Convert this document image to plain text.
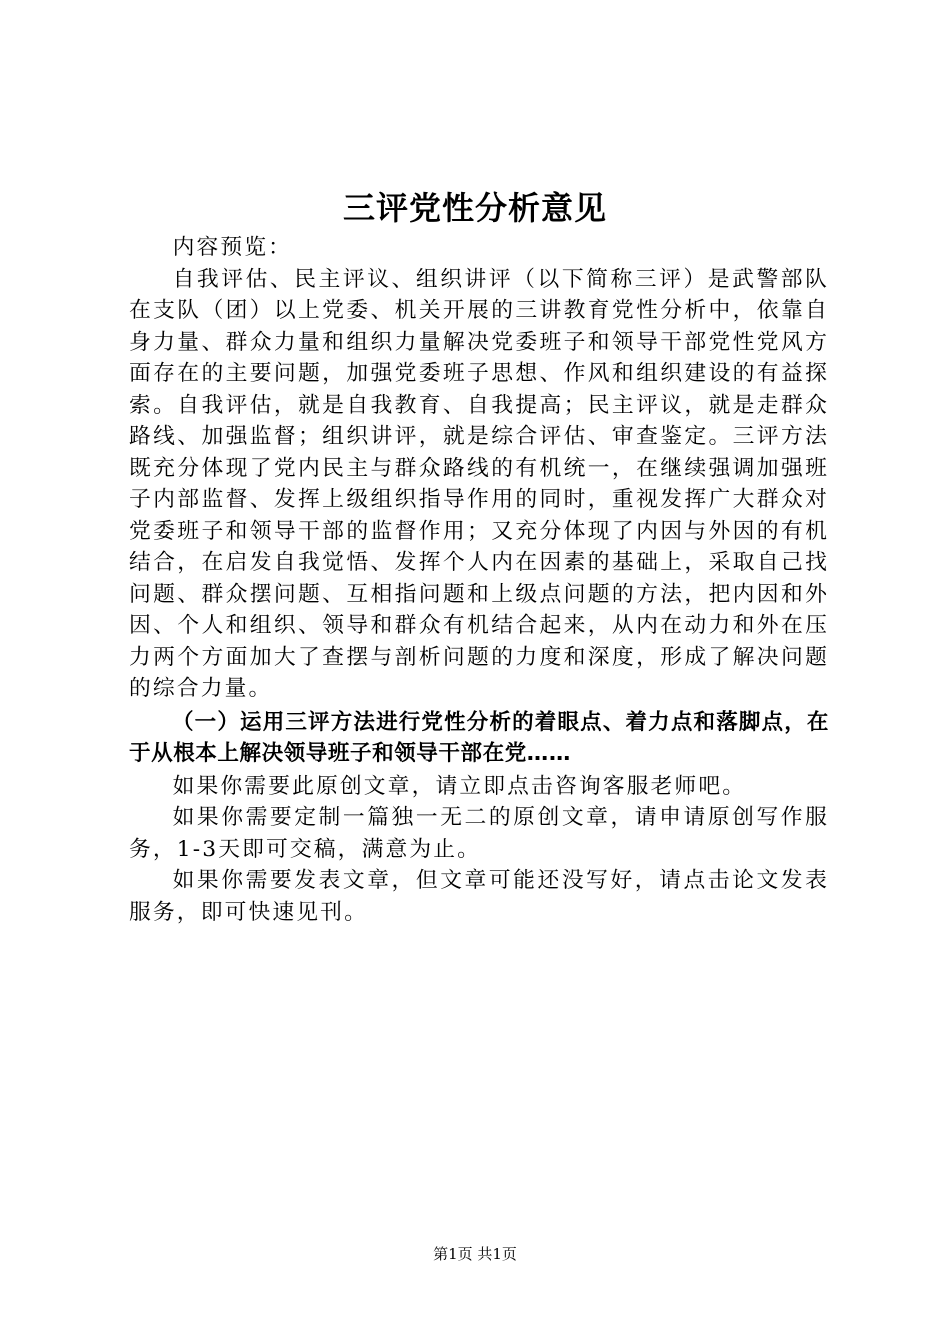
三评党性分析意见

内容预览：

自我评估、民主评议、组织讲评（以下简称三评）是武警部队在支队（团）以上党委、机关开展的三讲教育党性分析中，依靠自身力量、群众力量和组织力量解决党委班子和领导干部党性党风方面存在的主要问题，加强党委班子思想、作风和组织建设的有益探索。自我评估，就是自我教育、自我提高；民主评议，就是走群众路线、加强监督；组织讲评，就是综合评估、审查鉴定。三评方法既充分体现了党内民主与群众路线的有机统一，在继续强调加强班子内部监督、发挥上级组织指导作用的同时，重视发挥广大群众对党委班子和领导干部的监督作用；又充分体现了内因与外因的有机结合，在启发自我觉悟、发挥个人内在因素的基础上，采取自己找问题、群众摆问题、互相指问题和上级点问题的方法，把内因和外因、个人和组织、领导和群众有机结合起来，从内在动力和外在压力两个方面加大了查摆与剖析问题的力度和深度，形成了解决问题的综合力量。

（一）运用三评方法进行党性分析的着眼点、着力点和落脚点，在于从根本上解决领导班子和领导干部在党……

如果你需要此原创文章，请立即点击咨询客服老师吧。

如果你需要定制一篇独一无二的原创文章，请申请原创写作服务，1-3天即可交稿，满意为止。

如果你需要发表文章，但文章可能还没写好，请点击论文发表服务，即可快速见刊。

第1页 共1页
